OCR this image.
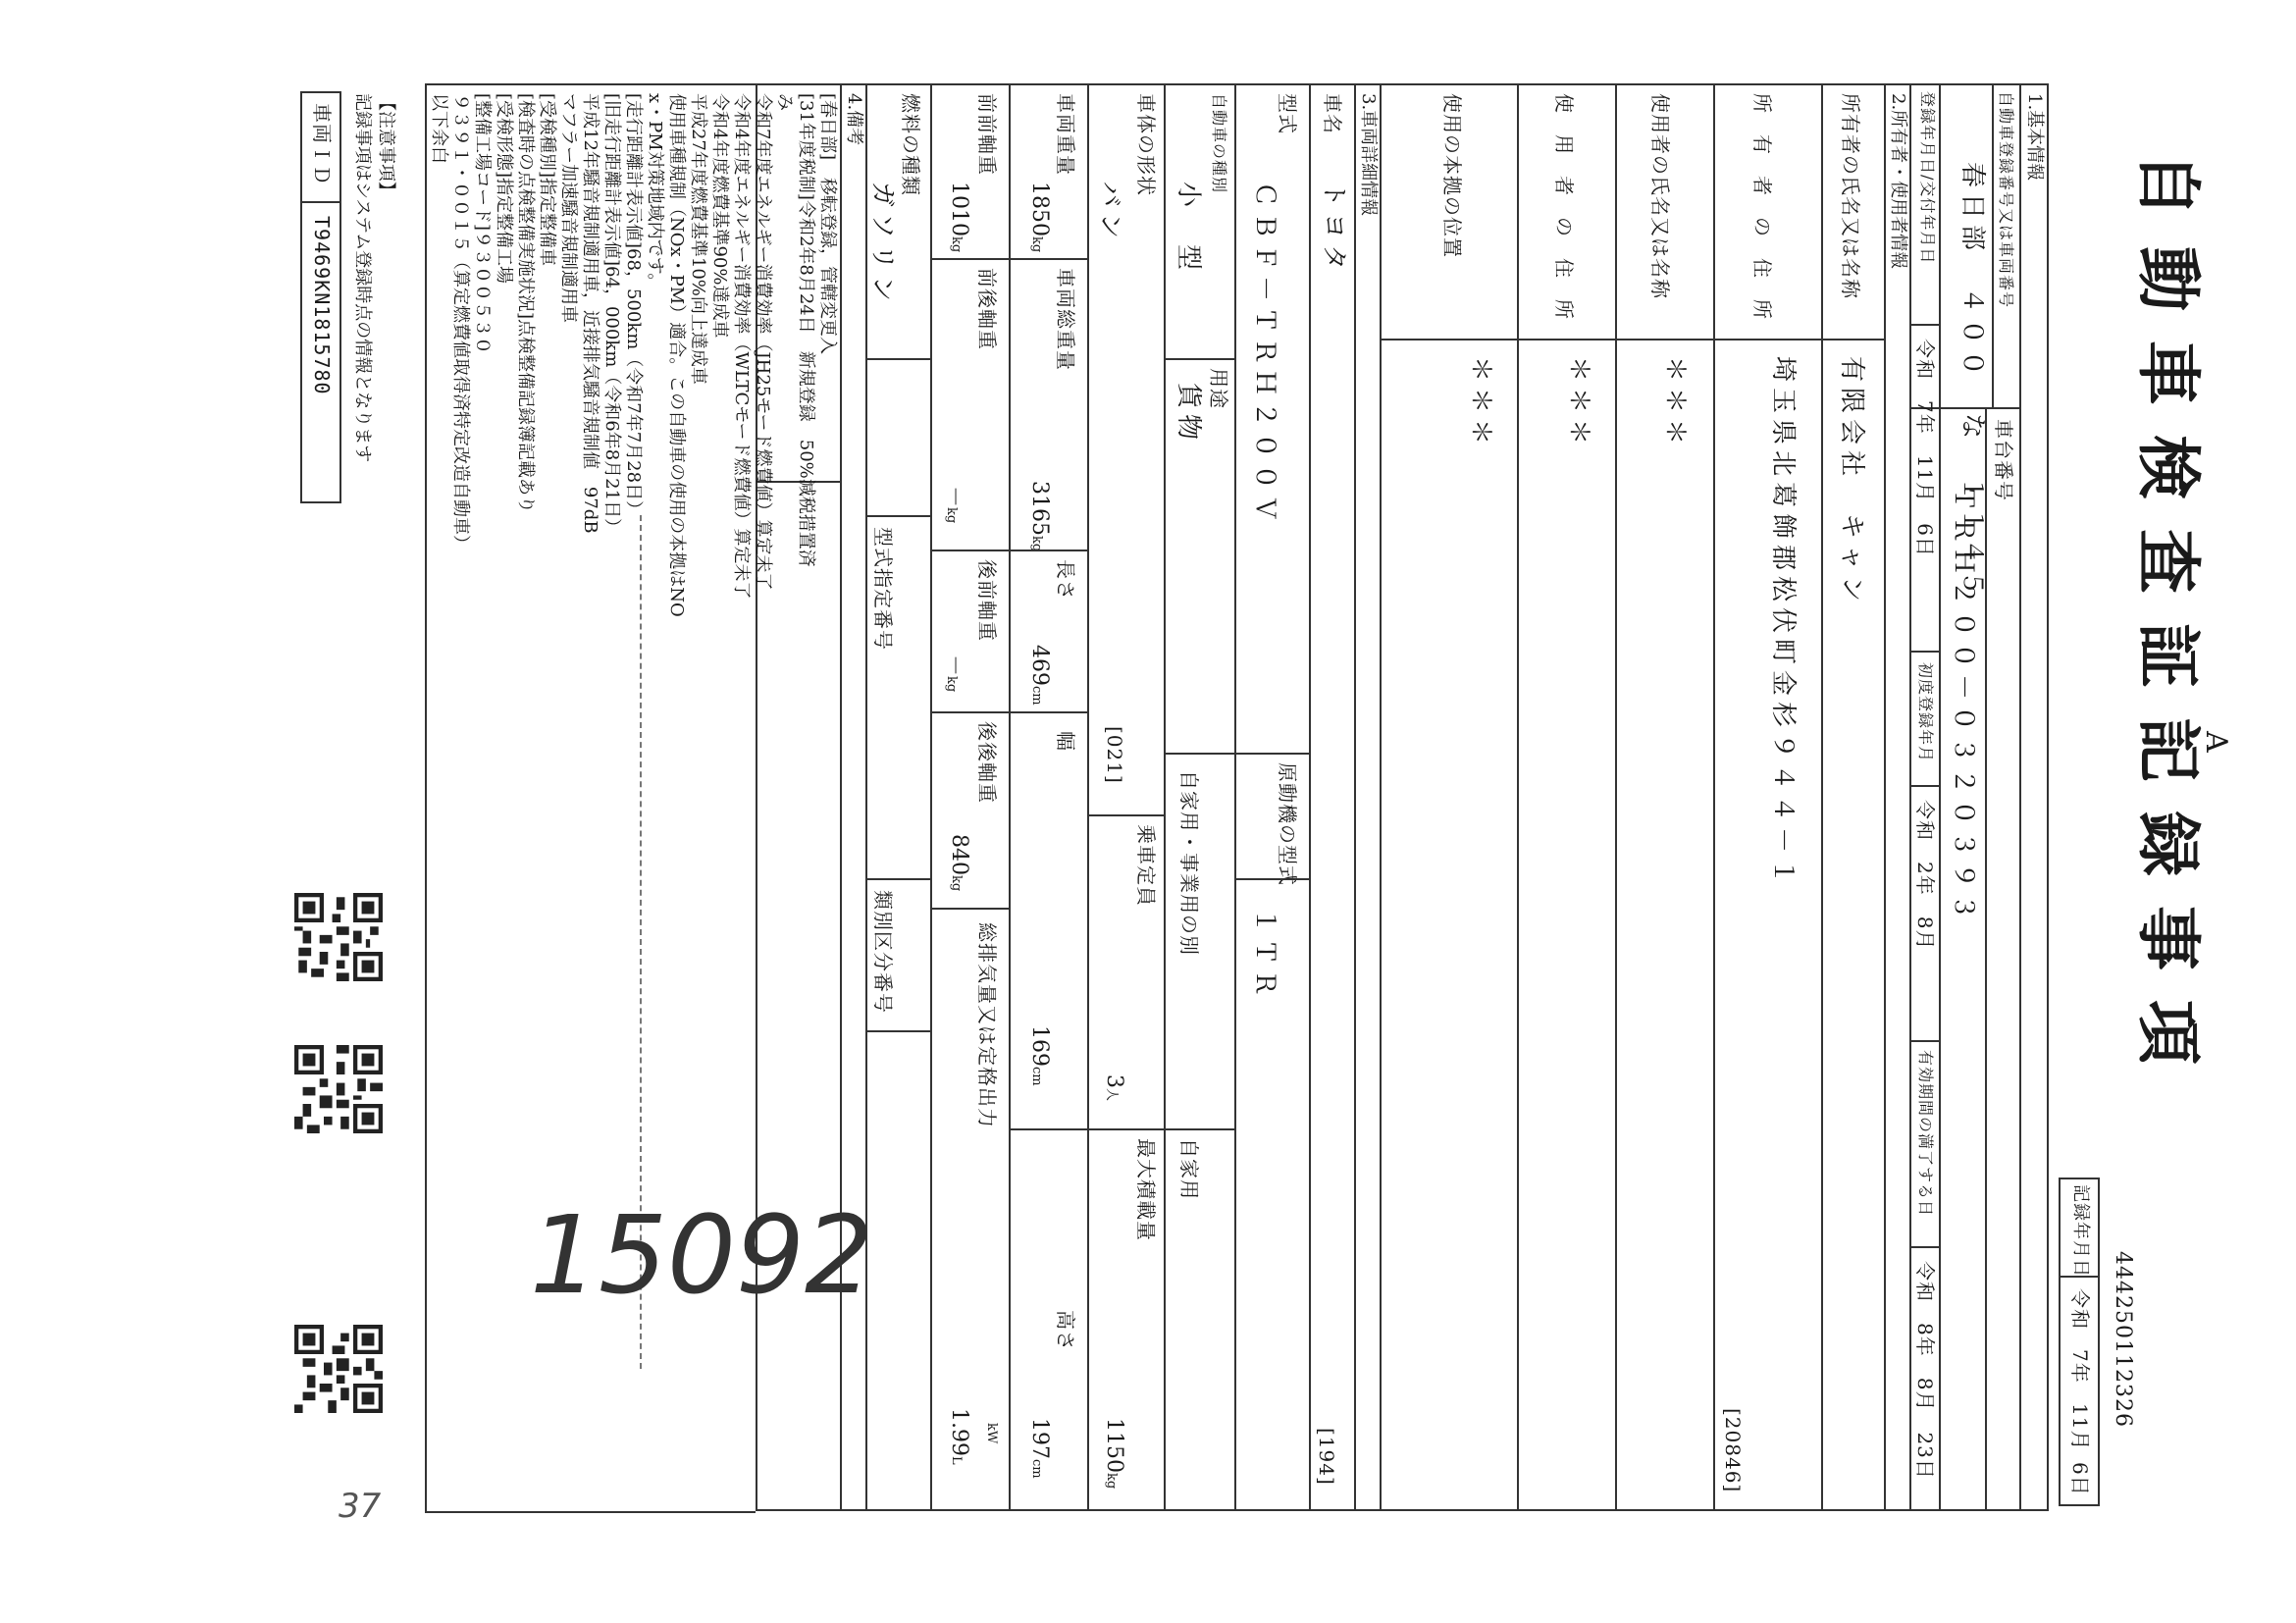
A
自動車検査証記録事項
444250112326
記録年月日
令和
7年
11月
6日
1.基本情報
自動車登録番号又は車両番号
春日部　４００　な　１１４５ 車台番号
ＴＲＨ２００－０３２０３９３
登録年月日/交付年月日
令和　7年　11月　6日
初度登録年月
令和　2年　8月
有効期間の満了する日
令和　8年　8月　23日
2.所有者・使用者情報
所有者の氏名又は名称
有限会社　キャン
所　有　者　の　住　所
埼玉県北葛飾郡松伏町金杉９４４－１
[20846]
使用者の氏名又は名称
＊＊＊
使　用　者　の　住　所
＊＊＊
使用の本拠の位置
＊＊＊
3.車両詳細情報
車名
トヨタ
[194]
型式
ＣＢＦ－ＴＲＨ２００Ｖ
原動機の型式
１ＴＲ
自動車の種別
小　型
用途
貨物
自家用・事業用の別
自家用
車体の形状
バン
[021]
乗車定員
3人
最大積載量
1150kg
車両重量
1850kg
車両総重量
3165kg
長さ
469cm
幅
169cm
高さ
197cm
前前軸重
1010kg
前後軸重
－kg
後前軸重
－kg
後後軸重
840kg
総排気量又は定格出力
kW
1.99L
燃料の種類
ガソリン
型式指定番号
類別区分番号
4.備考
[春日部]　移転登録，管轄変更入
[31年度税制]令和2年8月24日　新規登録　50%減税措置済
み
令和7年度エネルギー消費効率（JH25モード燃費値）算定未了
令和4年度エネルギー消費効率（WLTCモード燃費値）算定未了
令和4年度燃費基準90%達成車
平成27年度燃費基準10%向上達成車
使用車種規制（NOx・PM）適合。この自動車の使用の本拠はNO
x・PM対策地域内です。
[走行距離計表示値]68，500km（令和7年7月28日）
[旧走行距離計表示値]64，000km（令和6年8月21日）
平成12年騒音規制適用車，近接排気騒音規制値　97dB
マフラー加速騒音規制適用車
[受検種別]指定整備車
[検査時の点検整備実施状況]点検整備記録簿記載あり
[受検形態]指定整備工場
[整備工場コード]９３００５３０
９３９１・００１５（算定燃費値取得済特定改造自動車）
以下余白
【注意事項】
記録事項はシステム登録時点の情報となります
車両ＩＤ
T9469KN1815780
15092
37
